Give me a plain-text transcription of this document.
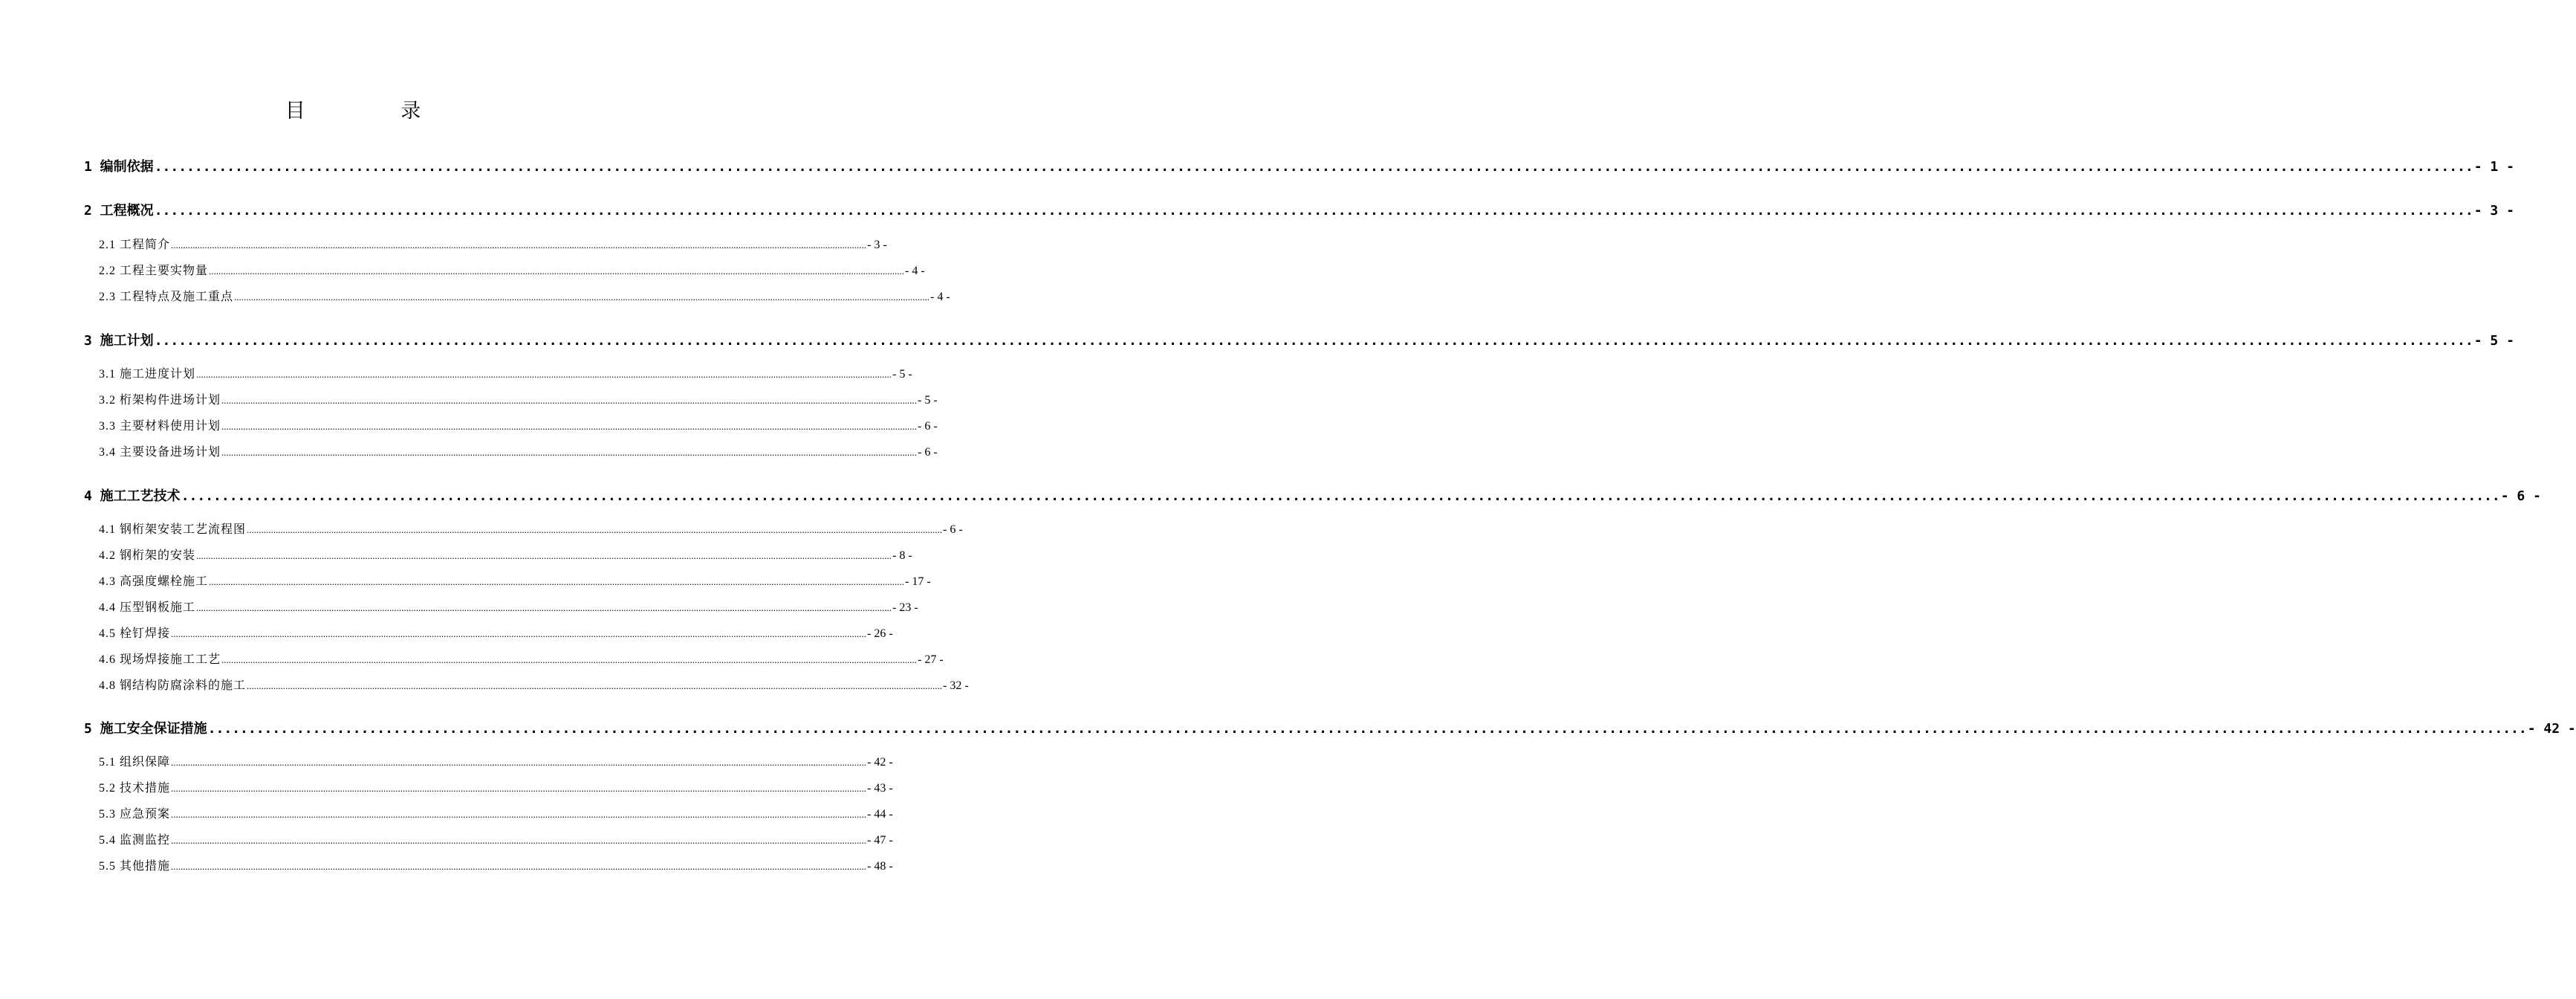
目 录
1 编制依据 ................................................................................................................................................................................................................................................................................................ - 1 -
2 工程概况 ................................................................................................................................................................................................................................................................................................ - 3 -
2.1 工程简介 ................................................................................................................................................................................................................................................................................................ - 3 -
2.2 工程主要实物量 ................................................................................................................................................................................................................................................................................................ - 4 -
2.3 工程特点及施工重点 ................................................................................................................................................................................................................................................................................................ - 4 -
3 施工计划 ................................................................................................................................................................................................................................................................................................ - 5 -
3.1 施工进度计划 ................................................................................................................................................................................................................................................................................................ - 5 -
3.2 桁架构件进场计划 ................................................................................................................................................................................................................................................................................................ - 5 -
3.3 主要材料使用计划 ................................................................................................................................................................................................................................................................................................ - 6 -
3.4 主要设备进场计划 ................................................................................................................................................................................................................................................................................................ - 6 -
4 施工工艺技术 ................................................................................................................................................................................................................................................................................................ - 6 -
4.1 钢桁架安装工艺流程图 ................................................................................................................................................................................................................................................................................................ - 6 -
4.2 钢桁架的安装 ................................................................................................................................................................................................................................................................................................ - 8 -
4.3 高强度螺栓施工 ................................................................................................................................................................................................................................................................................................ - 17 -
4.4 压型钢板施工 ................................................................................................................................................................................................................................................................................................ - 23 -
4.5 栓钉焊接 ................................................................................................................................................................................................................................................................................................ - 26 -
4.6 现场焊接施工工艺 ................................................................................................................................................................................................................................................................................................ - 27 -
4.8 钢结构防腐涂料的施工 ................................................................................................................................................................................................................................................................................................ - 32 -
5 施工安全保证措施 ................................................................................................................................................................................................................................................................................................ - 42 -
5.1 组织保障 ................................................................................................................................................................................................................................................................................................ - 42 -
5.2 技术措施 ................................................................................................................................................................................................................................................................................................ - 43 -
5.3 应急预案 ................................................................................................................................................................................................................................................................................................ - 44 -
5.4 监测监控 ................................................................................................................................................................................................................................................................................................ - 47 -
5.5 其他措施 ................................................................................................................................................................................................................................................................................................ - 48 -
